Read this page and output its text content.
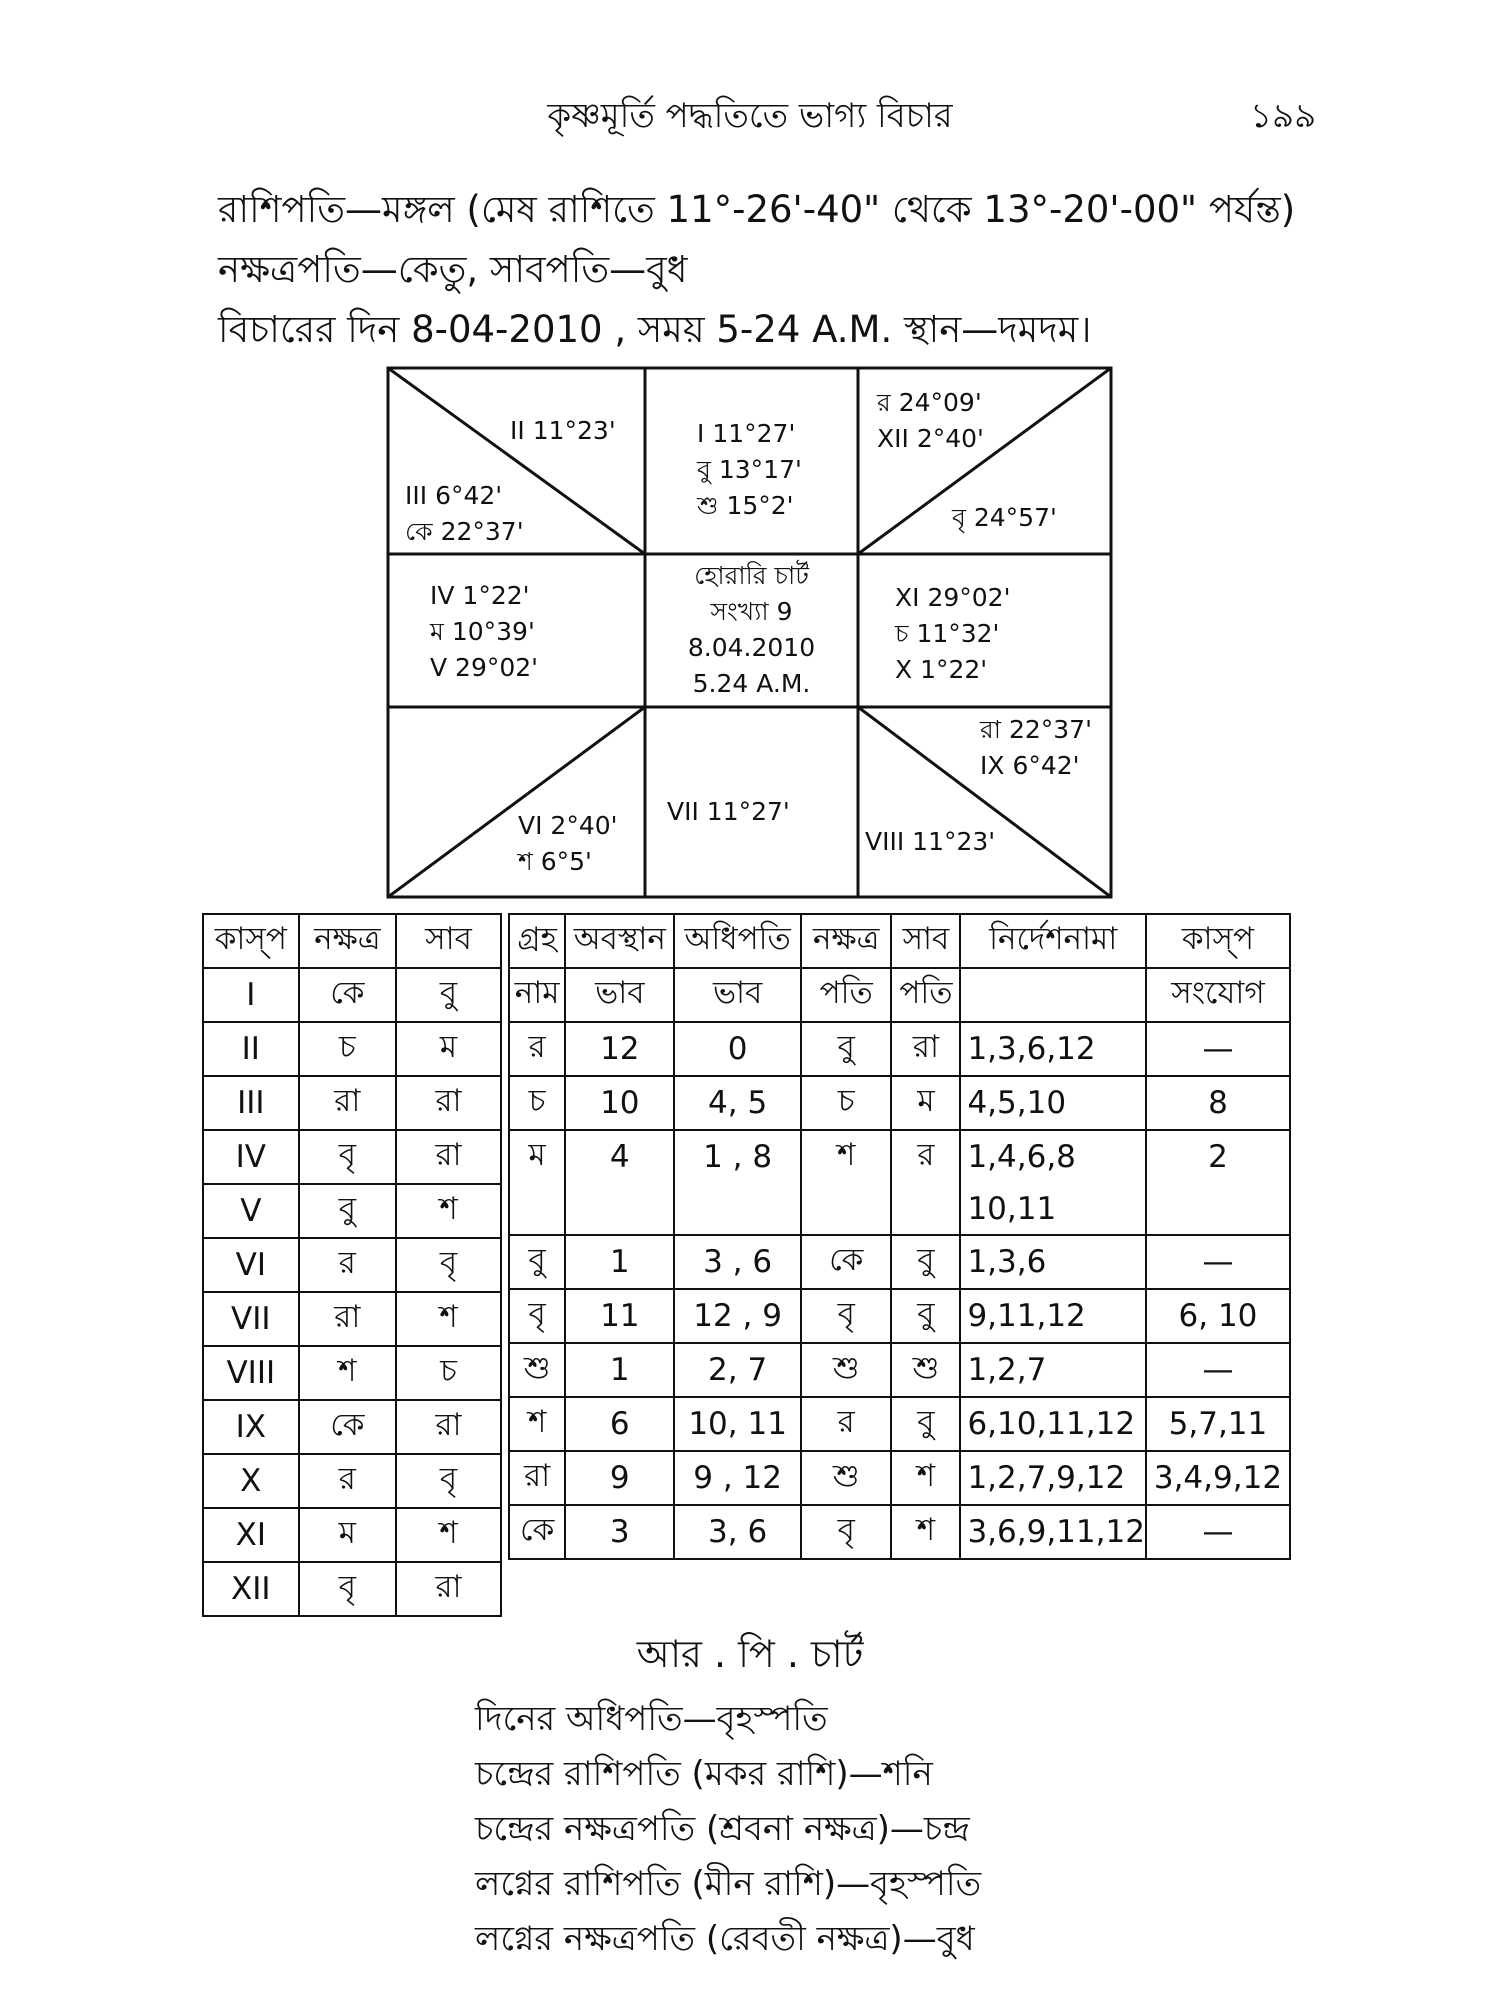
কৃষ্ণমূর্তি পদ্ধতিতে ভাগ্য বিচার	১৯৯
রাশিপতি—মঙ্গল (মেষ রাশিতে 11°-26'-40" থেকে 13°-20'-00" পর্যন্ত)
নক্ষত্রপতি—কেতু, সাবপতি—বুধ
বিচারের দিন 8-04-2010 , সময় 5-24 A.M. স্থান—দমদম।
II 11°23'
III 6°42'
কে 22°37'
I 11°27'
বু 13°17'
শু 15°2'
র 24°09'
XII 2°40'
বৃ 24°57'
IV 1°22'
ম 10°39'
V 29°02'
হোরারি চার্ট
সংখ্যা 9
8.04.2010
5.24 A.M.
XI 29°02'
চ 11°32'
X 1°22'
VI 2°40'
শ 6°5'
VII 11°27'
রা 22°37'
IX 6°42'
VIII 11°23'
কাস্‌প	নক্ষত্র	সাব
I	কে	বু
II	চ	ম
III	রা	রা
IV	বৃ	রা
V	বু	শ
VI	র	বৃ
VII	রা	শ
VIII	শ	চ
IX	কে	রা
X	র	বৃ
XI	ম	শ
XII	বৃ	রা
গ্রহ	অবস্থান	অধিপতি	নক্ষত্র	সাব	নির্দেশনামা	কাস্‌প
নাম	ভাব	ভাব	পতি	পতি		সংযোগ
র	12	0	বু	রা	1,3,6,12	—
চ	10	4, 5	চ	ম	4,5,10	8
ম	4	1 , 8	শ	র	1,4,6,8	2
					10,11	
বু	1	3 , 6	কে	বু	1,3,6	—
বৃ	11	12 , 9	বৃ	বু	9,11,12	6, 10
শু	1	2, 7	শু	শু	1,2,7	—
শ	6	10, 11	র	বু	6,10,11,12	5,7,11
রা	9	9 , 12	শু	শ	1,2,7,9,12	3,4,9,12
কে	3	3, 6	বৃ	শ	3,6,9,11,12	—
আর . পি . চার্ট
দিনের অধিপতি—বৃহস্পতি
চন্দ্রের রাশিপতি (মকর রাশি)—শনি
চন্দ্রের নক্ষত্রপতি (শ্রবনা নক্ষত্র)—চন্দ্র
লগ্নের রাশিপতি (মীন রাশি)—বৃহস্পতি
লগ্নের নক্ষত্রপতি (রেবতী নক্ষত্র)—বুধ
